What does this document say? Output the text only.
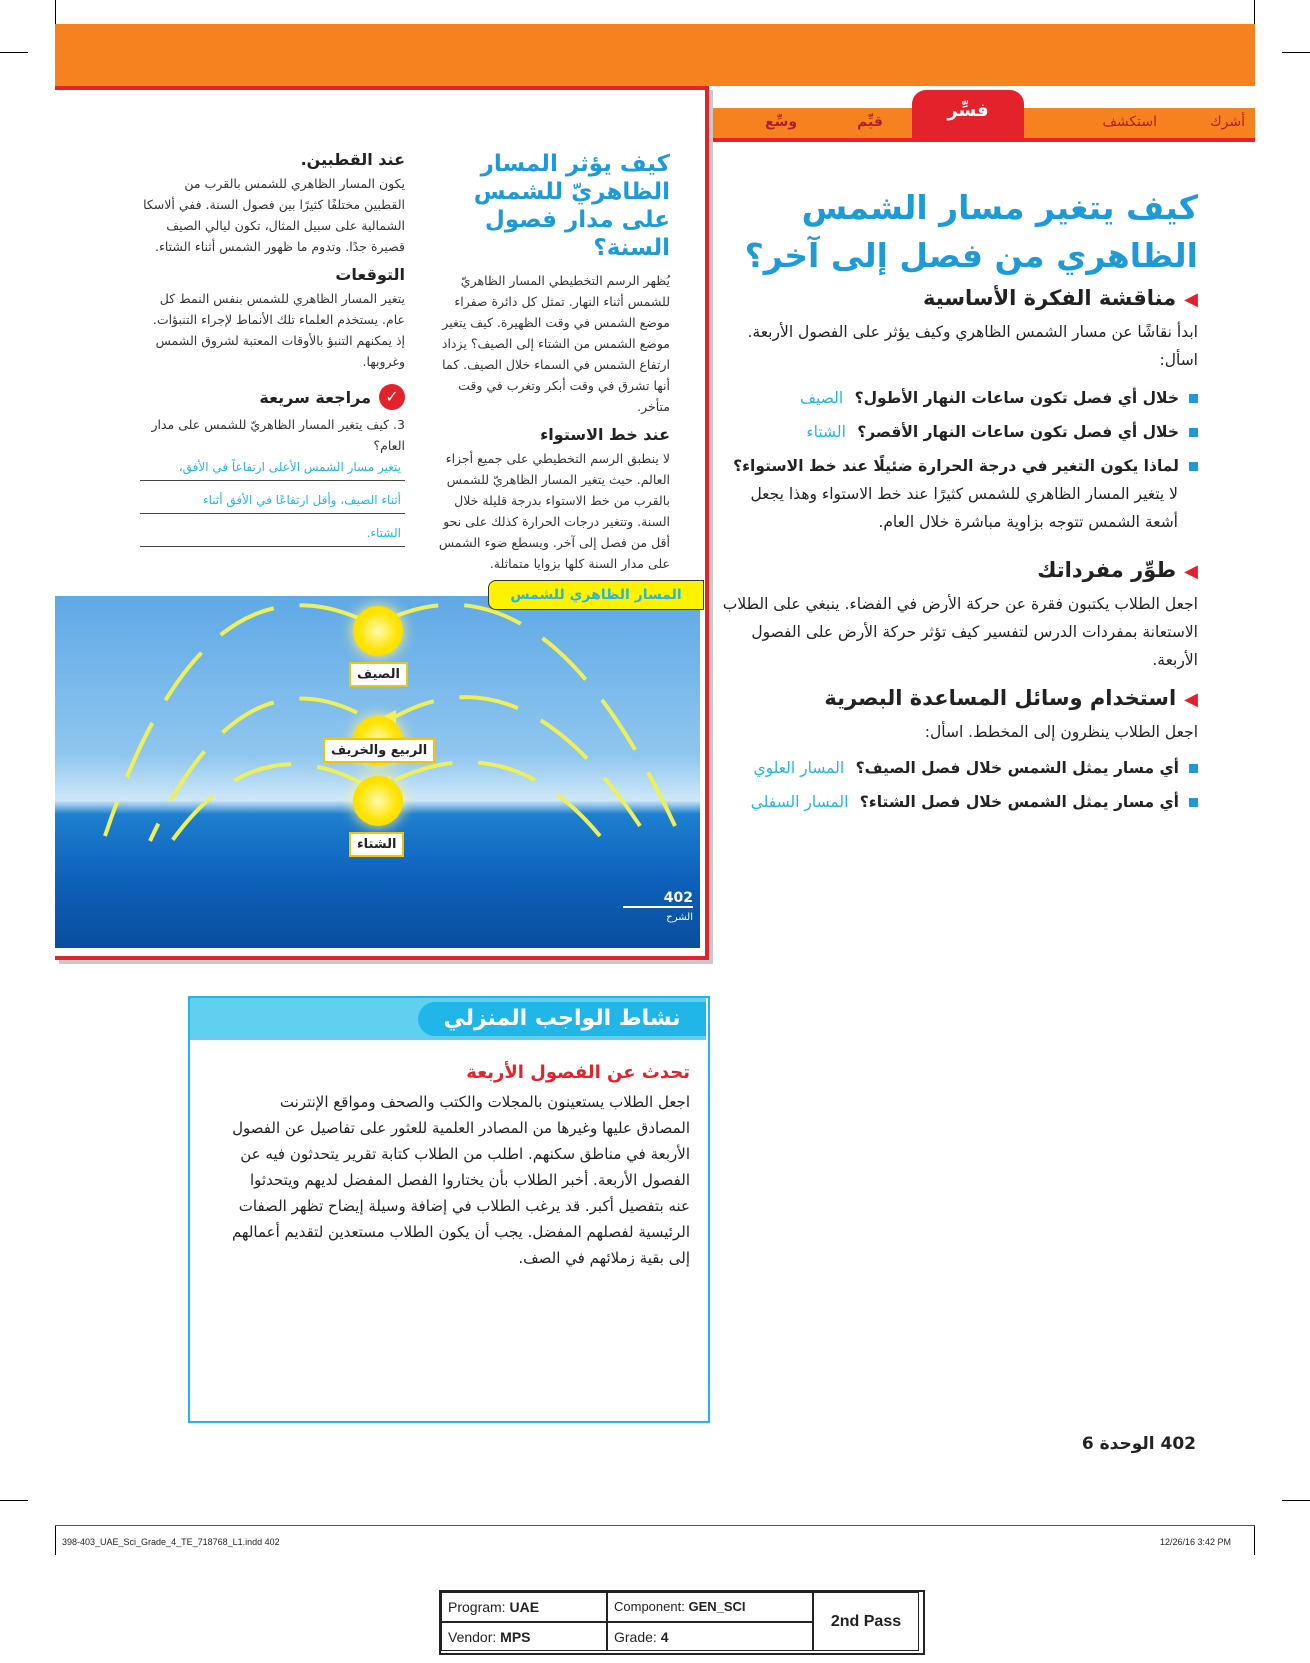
أشرك
استكشف
فسِّر
قيِّم
وسِّع
كيف يؤثر المسار الظاهريّ للشمس على مدار فصول السنة؟
يُظهر الرسم التخطيطي المسار الظاهريّ للشمس أثناء النهار. تمثل كل دائرة صفراء موضع الشمس في وقت الظهيرة. كيف يتغير موضع الشمس من الشتاء إلى الصيف؟ يزداد ارتفاع الشمس في السماء خلال الصيف. كما أنها تشرق في وقت أبكر وتغرب في وقت متأخر.
عند خط الاستواء
لا ينطبق الرسم التخطيطي على جميع أجزاء العالم. حيث يتغير المسار الظاهريّ للشمس بالقرب من خط الاستواء بدرجة قليلة خلال السنة. وتتغير درجات الحرارة كذلك على نحو أقل من فصل إلى آخر. ويسطع ضوء الشمس على مدار السنة كلها بزوايا متماثلة.
عند القطبين.
يكون المسار الظاهري للشمس بالقرب من القطبين مختلفًا كثيرًا بين فصول السنة. ففي ألاسكا الشمالية على سبيل المثال، تكون ليالي الصيف قصيرة جدًا. وتدوم ما ظهور الشمس أثناء الشتاء.
التوقعات
يتغير المسار الظاهري للشمس بنفس النمط كل عام. يستخدم العلماء تلك الأنماط لإجراء التنبؤات. إذ يمكنهم التنبؤ بالأوقات المعتبة لشروق الشمس وغروبها.
✓
مراجعة سريعة
3. كيف يتغير المسار الظاهريّ للشمس على مدار العام؟
يتغير مسار الشمس الأعلى ارتفاعاً في الأفق،
أثناء الصيف، وأقل ارتفاعًا في الأفق أثناء
الشتاء.
الصيف
الربيع والخريف
الشتاء
402
الشرح
المسار الظاهري للشمس
كيف يتغير مسار الشمس
الظاهري من فصل إلى آخر؟
◀مناقشة الفكرة الأساسية
ابدأ نقاشًا عن مسار الشمس الظاهري وكيف يؤثر على الفصول الأربعة. اسأل:
خلال أي فصل تكون ساعات النهار الأطول؟ الصيف
خلال أي فصل تكون ساعات النهار الأقصر؟ الشتاء
لماذا يكون التغير في درجة الحرارة ضئيلًا عند خط الاستواء؟
لا يتغير المسار الظاهري للشمس كثيرًا عند خط الاستواء وهذا يجعل أشعة الشمس تتوجه بزاوية مباشرة خلال العام.
◀طوِّر مفرداتك
اجعل الطلاب يكتبون فقرة عن حركة الأرض في الفضاء. ينبغي على الطلاب الاستعانة بمفردات الدرس لتفسير كيف تؤثر حركة الأرض على الفصول الأربعة.
◀استخدام وسائل المساعدة البصرية
اجعل الطلاب ينظرون إلى المخطط. اسأل:
أي مسار يمثل الشمس خلال فصل الصيف؟ المسار العلوي
أي مسار يمثل الشمس خلال فصل الشتاء؟ المسار السفلي
نشاط الواجب المنزلي
تحدث عن الفصول الأربعة
اجعل الطلاب يستعينون بالمجلات والكتب والصحف ومواقع الإنترنت المصادق عليها وغيرها من المصادر العلمية للعثور على تفاصيل عن الفصول الأربعة في مناطق سكنهم. اطلب من الطلاب كتابة تقرير يتحدثون فيه عن الفصول الأربعة. أخبر الطلاب بأن يختاروا الفصل المفضل لديهم ويتحدثوا عنه بتفصيل أكبر. قد يرغب الطلاب في إضافة وسيلة إيضاح تظهر الصفات الرئيسية لفصلهم المفضل. يجب أن يكون الطلاب مستعدين لتقديم أعمالهم إلى بقية زملائهم في الصف.
402 الوحدة 6
398-403_UAE_Sci_Grade_4_TE_718768_L1.indd 402	12/26/16 3:42 PM
Program: UAE	Component: GEN_SCI
Vendor: MPS	Grade: 4
2nd Pass
